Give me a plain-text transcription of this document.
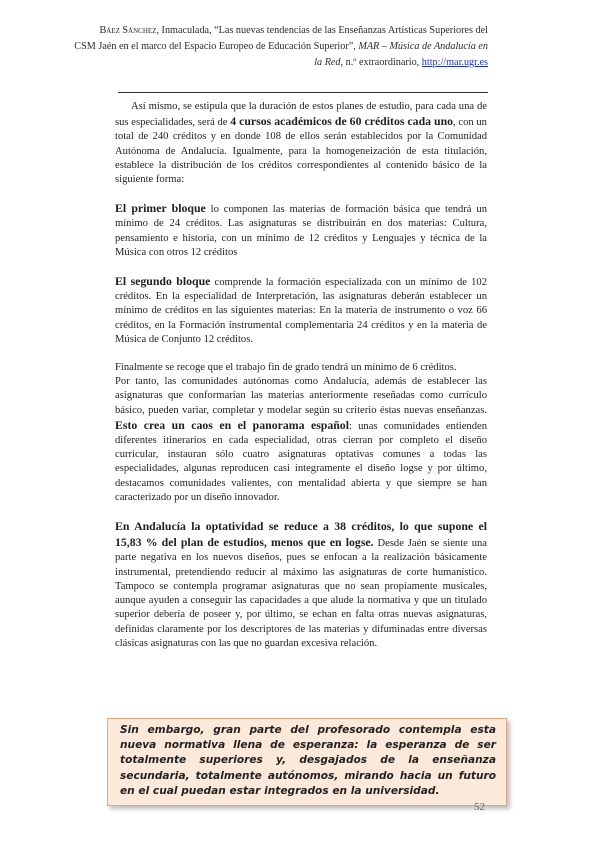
Báez Sánchez, Inmaculada, “Las nuevas tendencias de las Enseñanzas Artísticas Superiores del
CSM Jaén en el marco del Espacio Europeo de Educación Superior”, MAR – Música de Andalucía en
la Red, n.º extraordinario, http://mar.ugr.es

Así mismo, se estipula que la duración de estos planes de estudio, para cada una de sus especialidades, será de 4 cursos académicos de 60 créditos cada uno, con un total de 240 créditos y en donde 108 de ellos serán establecidos por la Comunidad Autónoma de Andalucía. Igualmente, para la homogeneización de esta titulación, establece la distribución de los créditos correspondientes al contenido básico de la siguiente forma:

El primer bloque lo componen las materias de formación básica que tendrá un mínimo de 24 créditos. Las asignaturas se distribuirán en dos materias: Cultura, pensamiento e historia, con un mínimo de 12 créditos y Lenguajes y técnica de la Música con otros 12 créditos

El segundo bloque comprende la formación especializada con un mínimo de 102 créditos. En la especialidad de Interpretación, las asignaturas deberán establecer un mínimo de créditos en las siguientes materias: En la materia de instrumento o voz 66 créditos, en la Formación instrumental complementaria 24 créditos y en la materia de Música de Conjunto 12 créditos.

Finalmente se recoge que el trabajo fin de grado tendrá un mínimo de 6 créditos.

Por tanto, las comunidades autónomas como Andalucía, además de establecer las asignaturas que conformarían las materias anteriormente reseñadas como currículo básico, pueden variar, completar y modelar según su criterio éstas nuevas enseñanzas. Esto crea un caos en el panorama español: unas comunidades entienden diferentes itinerarios en cada especialidad, otras cierran por completo el diseño curricular, instauran sólo cuatro asignaturas optativas comunes a todas las especialidades, algunas reproducen casi íntegramente el diseño logse y por último, destacamos comunidades valientes, con mentalidad abierta y que siempre se han caracterizado por un diseño innovador.

En Andalucía la optatividad se reduce a 38 créditos, lo que supone el 15,83 % del plan de estudios, menos que en logse. Desde Jaén se siente una parte negativa en los nuevos diseños, pues se enfocan a la realización básicamente instrumental, pretendiendo reducir al máximo las asignaturas de corte humanístico. Tampoco se contempla programar asignaturas que no sean propiamente musicales, aunque ayuden a conseguir las capacidades a que alude la normativa y que un titulado superior debería de poseer y, por último, se echan en falta otras nuevas asignaturas, definidas claramente por los descriptores de las materias y difuminadas entre diversas clásicas asignaturas con las que no guardan excesiva relación.

Sin embargo, gran parte del profesorado contempla esta nueva normativa llena de esperanza: la esperanza de ser totalmente superiores y, desgajados de la enseñanza secundaria, totalmente autónomos, mirando hacia un futuro en el cual puedan estar integrados en la universidad.
52
